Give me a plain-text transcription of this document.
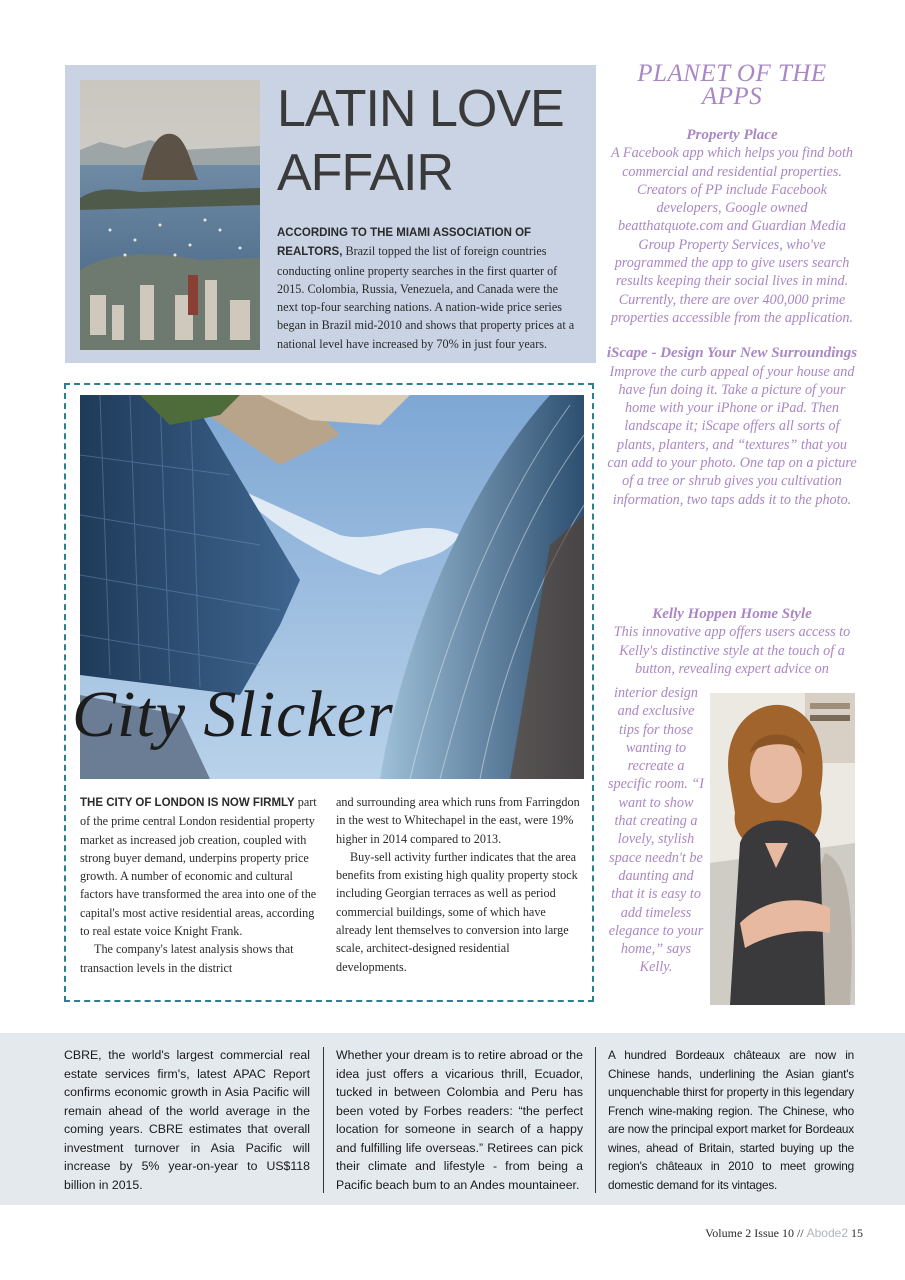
LATIN LOVE
AFFAIR
ACCORDING TO THE MIAMI ASSOCIATION OF REALTORS, Brazil topped the list of foreign countries conducting online property searches in the first quarter of 2015. Colombia, Russia, Venezuela, and Canada were the next top-four searching nations. A nation-wide price series began in Brazil mid-2010 and shows that property prices at a national level have increased by 70% in just four years.
City Slicker
THE CITY OF LONDON IS NOW FIRMLY part of the prime central London residential property market as increased job creation, coupled with strong buyer demand, underpins property price growth. A number of economic and cultural factors have transformed the area into one of the capital's most active residential areas, according to real estate voice Knight Frank.
The company's latest analysis shows that transaction levels in the district
and surrounding area which runs from Farringdon in the west to Whitechapel in the east, were 19% higher in 2014 compared to 2013.
Buy-sell activity further indicates that the area benefits from existing high quality property stock including Georgian terraces as well as period commercial buildings, some of which have already lent themselves to conversion into large scale, architect-designed residential developments.
PLANET OF THE
APPS
Property Place
A Facebook app which helps you find both commercial and residential properties. Creators of PP include Facebook developers, Google owned beatthatquote.com and Guardian Media Group Property Services, who've programmed the app to give users search results keeping their social lives in mind. Currently, there are over 400,000 prime properties accessible from the application.
iScape - Design Your New Surroundings
Improve the curb appeal of your house and have fun doing it. Take a picture of your home with your iPhone or iPad. Then landscape it; iScape offers all sorts of plants, planters, and “textures” that you can add to your photo. One tap on a picture of a tree or shrub gives you cultivation information, two taps adds it to the photo.
Kelly Hoppen Home Style
This innovative app offers users access to Kelly's distinctive style at the touch of a button, revealing expert advice on
interior design and exclusive tips for those wanting to recreate a specific room. “I want to show that creating a lovely, stylish space needn't be daunting and that it is easy to add timeless elegance to your home,” says Kelly.
CBRE, the world's largest commercial real estate services firm's, latest APAC Report confirms economic growth in Asia Pacific will remain ahead of the world average in the coming years. CBRE estimates that overall investment turnover in Asia Pacific will increase by 5% year-on-year to US$118 billion in 2015.
Whether your dream is to retire abroad or the idea just offers a vicarious thrill, Ecuador, tucked in between Colombia and Peru has been voted by Forbes readers: “the perfect location for someone in search of a happy and fulfilling life overseas.” Retirees can pick their climate and lifestyle - from being a Pacific beach bum to an Andes mountaineer.
A hundred Bordeaux châteaux are now in Chinese hands, underlining the Asian giant's unquenchable thirst for property in this legendary French wine-making region. The Chinese, who are now the principal export market for Bordeaux wines, ahead of Britain, started buying up the region's châteaux in 2010 to meet growing domestic demand for its vintages.
Volume 2 Issue 10 // Abode2 15
